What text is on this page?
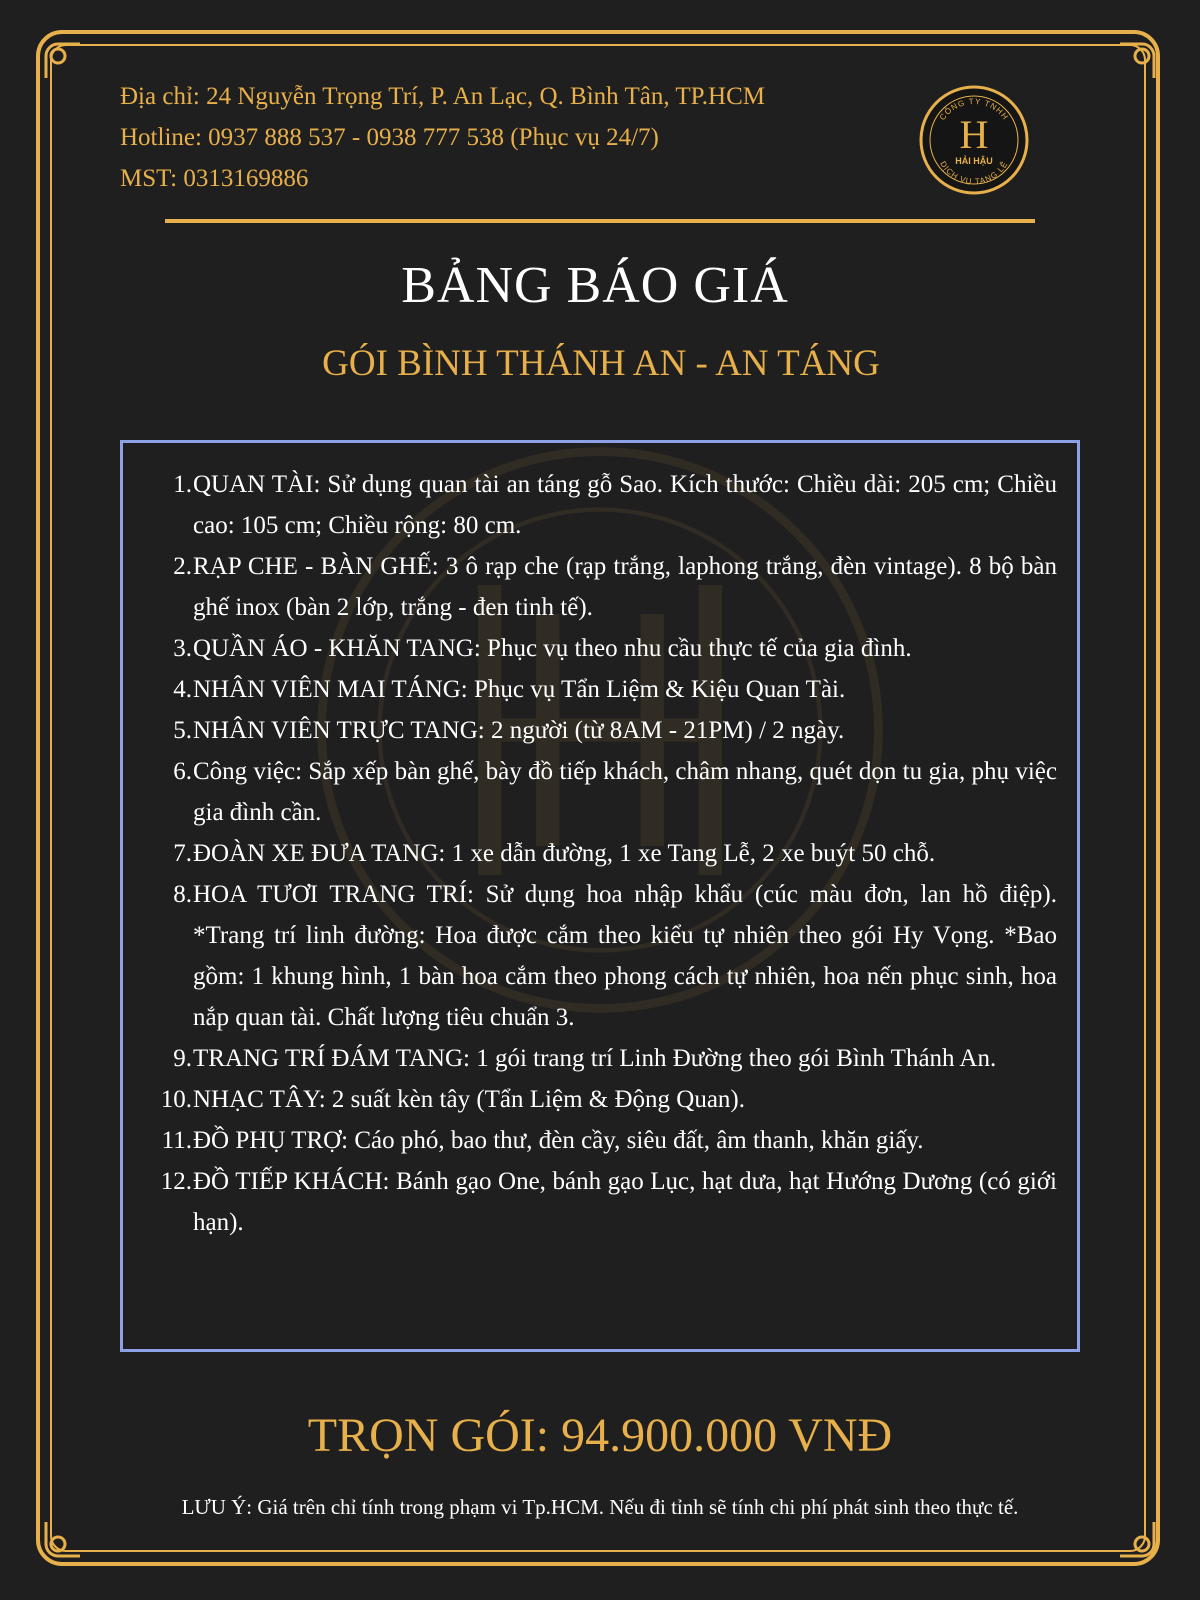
Địa chỉ: 24 Nguyễn Trọng Trí, P. An Lạc, Q. Bình Tân, TP.HCM
Hotline: 0937 888 537 - 0938 777 538 (Phục vụ 24/7)
MST: 0313169886
CÔNG TY TNHH
DỊCH VỤ TANG LỄ
H
HẢI HẬU
BẢNG BÁO GIÁ
GÓI BÌNH THÁNH AN - AN TÁNG
1. QUAN TÀI: Sử dụng quan tài an táng gỗ Sao. Kích thước: Chiều dài: 205 cm; Chiều cao: 105 cm; Chiều rộng: 80 cm.
2. RẠP CHE - BÀN GHẾ: 3 ô rạp che (rạp trắng, laphong trắng, đèn vintage). 8 bộ bàn ghế inox (bàn 2 lớp, trắng - đen tinh tế).
3. QUẦN ÁO - KHĂN TANG: Phục vụ theo nhu cầu thực tế của gia đình.
4. NHÂN VIÊN MAI TÁNG: Phục vụ Tẩn Liệm & Kiệu Quan Tài.
5. NHÂN VIÊN TRỰC TANG: 2 người (từ 8AM - 21PM) / 2 ngày.
6. Công việc: Sắp xếp bàn ghế, bày đồ tiếp khách, châm nhang, quét dọn tu gia, phụ việc gia đình cần.
7. ĐOÀN XE ĐƯA TANG: 1 xe dẫn đường, 1 xe Tang Lễ, 2 xe buýt 50 chỗ.
8. HOA TƯƠI TRANG TRÍ: Sử dụng hoa nhập khẩu (cúc màu đơn, lan hồ điệp). *Trang trí linh đường: Hoa được cắm theo kiểu tự nhiên theo gói Hy Vọng. *Bao gồm: 1 khung hình, 1 bàn hoa cắm theo phong cách tự nhiên, hoa nến phục sinh, hoa nắp quan tài. Chất lượng tiêu chuẩn 3.
9. TRANG TRÍ ĐÁM TANG: 1 gói trang trí Linh Đường theo gói Bình Thánh An.
10. NHẠC TÂY: 2 suất kèn tây (Tẩn Liệm & Động Quan).
11. ĐỒ PHỤ TRỢ: Cáo phó, bao thư, đèn cầy, siêu đất, âm thanh, khăn giấy.
12. ĐỒ TIẾP KHÁCH: Bánh gạo One, bánh gạo Lục, hạt dưa, hạt Hướng Dương (có giới hạn).
TRỌN GÓI: 94.900.000 VNĐ
LƯU Ý: Giá trên chỉ tính trong phạm vi Tp.HCM. Nếu đi tỉnh sẽ tính chi phí phát sinh theo thực tế.
